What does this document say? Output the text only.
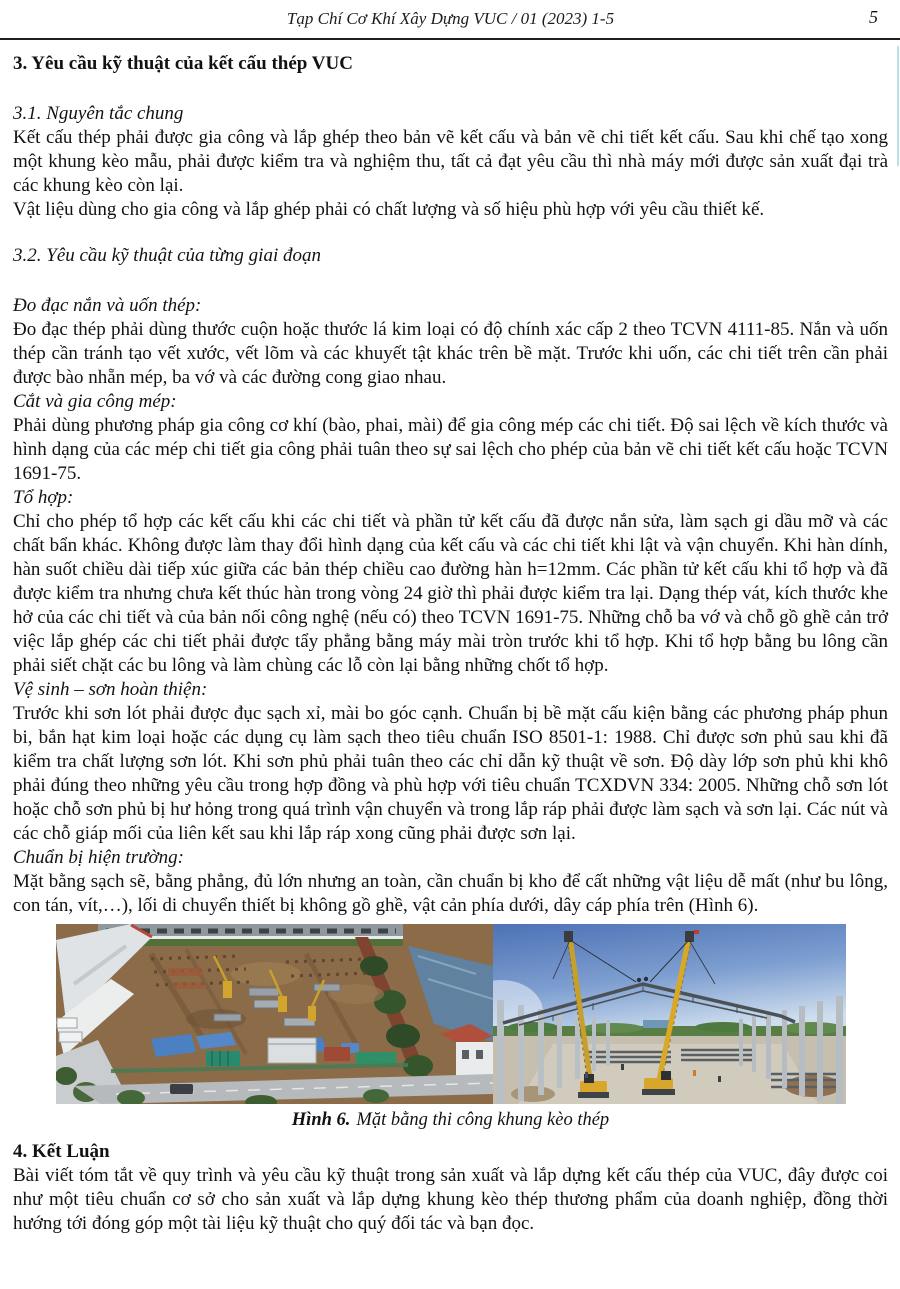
Tạp Chí Cơ Khí Xây Dựng VUC / 01 (2023) 1-5	5
3. Yêu cầu kỹ thuật của kết cấu thép VUC
3.1. Nguyên tắc chung

Kết cấu thép phải được gia công và lắp ghép theo bản vẽ kết cấu và bản vẽ chi tiết kết cấu. Sau khi chế tạo xong một khung kèo mẫu, phải được kiểm tra và nghiệm thu, tất cả đạt yêu cầu thì nhà máy mới được sản xuất đại trà các khung kèo còn lại.

Vật liệu dùng cho gia công và lắp ghép phải có chất lượng và số hiệu phù hợp với yêu cầu thiết kế.

3.2. Yêu cầu kỹ thuật của từng giai đoạn
Đo đạc nắn và uốn thép:

Đo đạc thép phải dùng thước cuộn hoặc thước lá kim loại có độ chính xác cấp 2 theo TCVN 4111-85. Nắn và uốn thép cần tránh tạo vết xước, vết lõm và các khuyết tật khác trên bề mặt. Trước khi uốn, các chi tiết trên cần phải được bào nhẵn mép, ba vớ và các đường cong giao nhau.

Cắt và gia công mép:

Phải dùng phương pháp gia công cơ khí (bào, phai, mài) để gia công mép các chi tiết. Độ sai lệch về kích thước và hình dạng của các mép chi tiết gia công phải tuân theo sự sai lệch cho phép của bản vẽ chi tiết kết cấu hoặc TCVN 1691-75.

Tổ hợp:

Chỉ cho phép tổ hợp các kết cấu khi các chi tiết và phần tử kết cấu đã được nắn sửa, làm sạch gi dầu mỡ và các chất bẩn khác. Không được làm thay đổi hình dạng của kết cấu và các chi tiết khi lật và vận chuyển. Khi hàn dính, hàn suốt chiều dài tiếp xúc giữa các bản thép chiều cao đường hàn h=12mm. Các phần tử kết cấu khi tổ hợp và đã được kiểm tra nhưng chưa kết thúc hàn trong vòng 24 giờ thì phải được kiểm tra lại. Dạng thép vát, kích thước khe hở của các chi tiết và của bản nối công nghệ (nếu có) theo TCVN 1691-75. Những chỗ ba vớ và chỗ gồ ghề cản trở việc lắp ghép các chi tiết phải được tẩy phẳng bằng máy mài tròn trước khi tổ hợp. Khi tổ hợp bằng bu lông cần phải siết chặt các bu lông và làm chùng các lỗ còn lại bằng những chốt tổ hợp.

Vệ sinh – sơn hoàn thiện:

Trước khi sơn lót phải được đục sạch xỉ, mài bo góc cạnh. Chuẩn bị bề mặt cấu kiện bằng các phương pháp phun bi, bắn hạt kim loại hoặc các dụng cụ làm sạch theo tiêu chuẩn ISO 8501-1: 1988. Chỉ được sơn phủ sau khi đã kiểm tra chất lượng sơn lót. Khi sơn phủ phải tuân theo các chỉ dẫn kỹ thuật về sơn. Độ dày lớp sơn phủ khi khô phải đúng theo những yêu cầu trong hợp đồng và phù hợp với tiêu chuẩn TCXDVN 334: 2005. Những chỗ sơn lót hoặc chỗ sơn phủ bị hư hỏng trong quá trình vận chuyển và trong lắp ráp phải được làm sạch và sơn lại. Các nút và các chỗ giáp mối của liên kết sau khi lắp ráp xong cũng phải được sơn lại.

Chuẩn bị hiện trường:

Mặt bằng sạch sẽ, bằng phẳng, đủ lớn nhưng an toàn, cần chuẩn bị kho để cất những vật liệu dễ mất (như bu lông, con tán, vít,…), lối di chuyển thiết bị không gồ ghề, vật cản phía dưới, dây cáp phía trên (Hình 6).

Hình 6. Mặt bằng thi công khung kèo thép
4. Kết Luận

Bài viết tóm tắt về quy trình và yêu cầu kỹ thuật trong sản xuất và lắp dựng kết cấu thép của VUC, đây được coi như một tiêu chuẩn cơ sở cho sản xuất và lắp dựng khung kèo thép thương phẩm của doanh nghiệp, đồng thời hướng tới đóng góp một tài liệu kỹ thuật cho quý đối tác và bạn đọc.
